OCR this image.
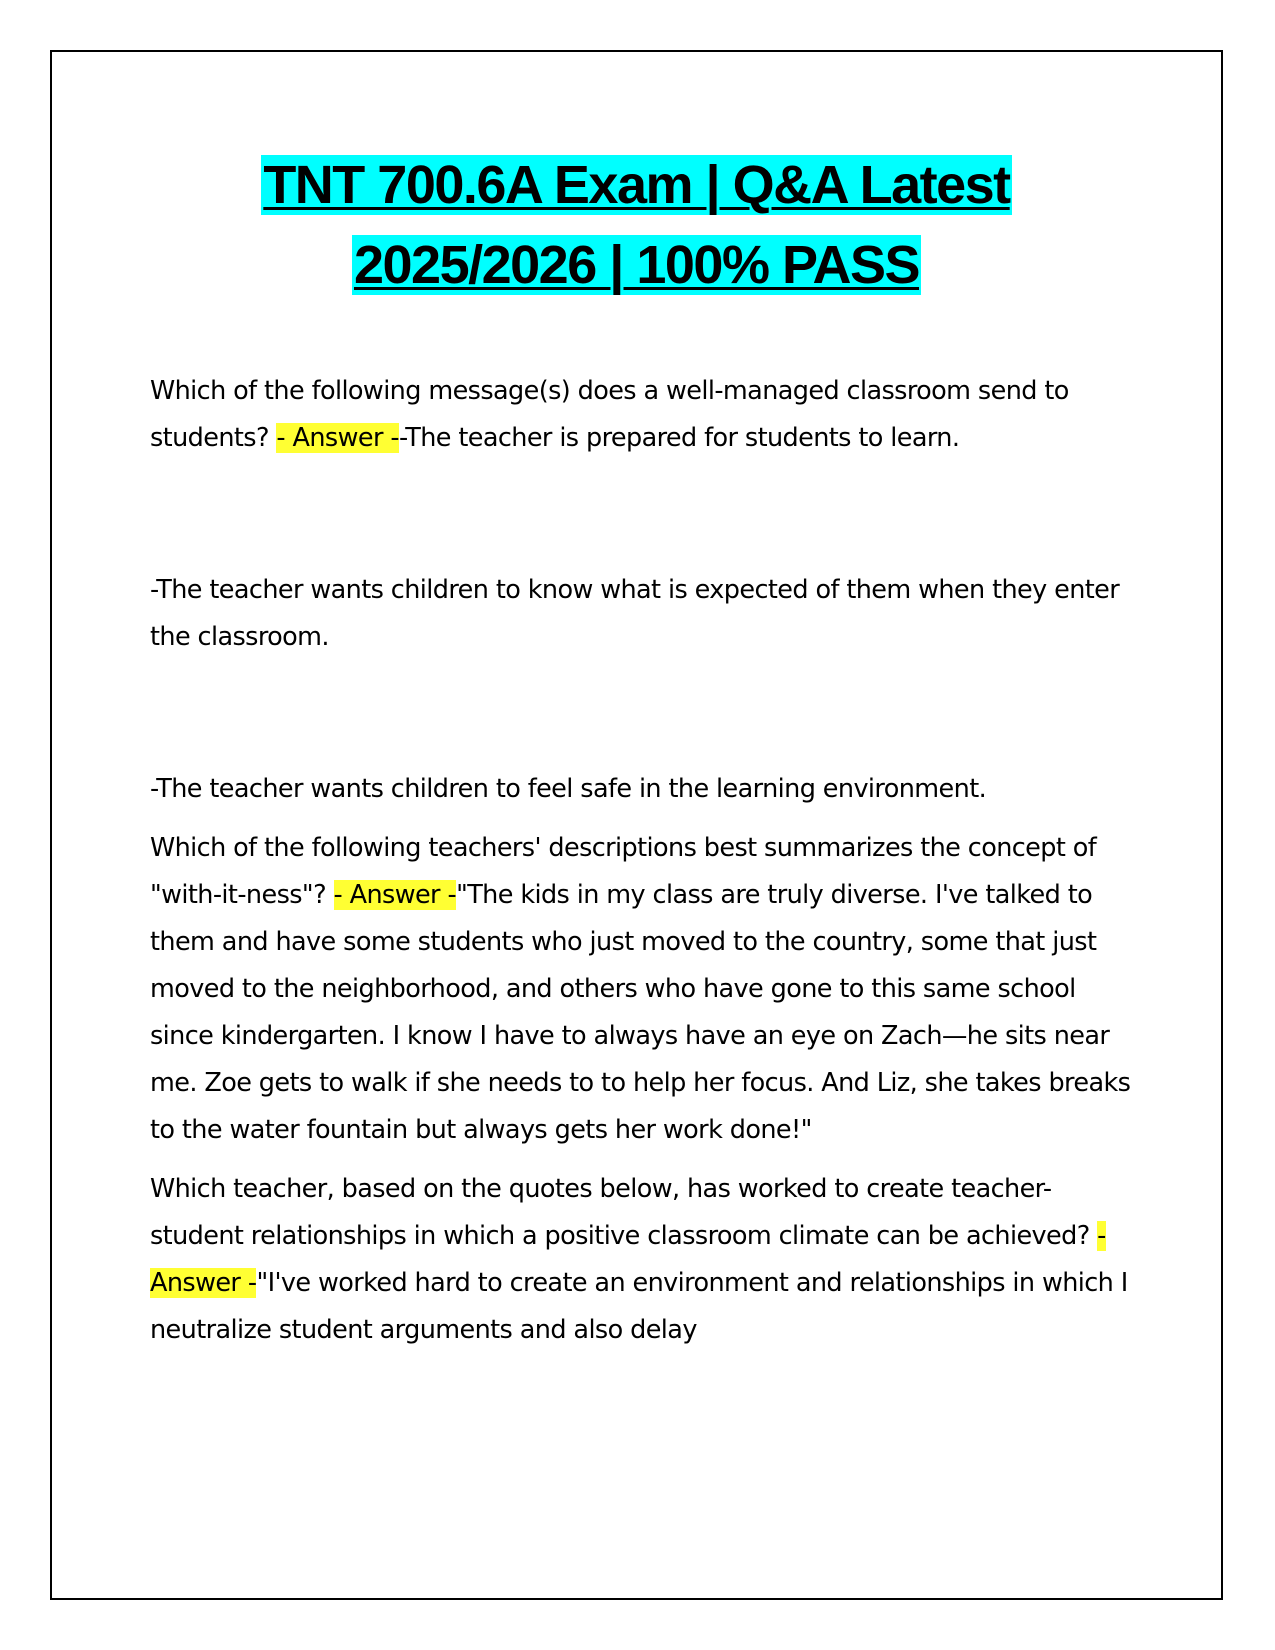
TNT 700.6A Exam | Q&A Latest
2025/2026 | 100% PASS

Which of the following message(s) does a well-managed classroom send to students? - Answer --The teacher is prepared for students to learn.

-The teacher wants children to know what is expected of them when they enter the classroom.

-The teacher wants children to feel safe in the learning environment.

Which of the following teachers' descriptions best summarizes the concept of "with-it-ness"? - Answer -"The kids in my class are truly diverse. I've talked to them and have some students who just moved to the country, some that just moved to the neighborhood, and others who have gone to this same school since kindergarten. I know I have to always have an eye on Zach—he sits near me. Zoe gets to walk if she needs to to help her focus. And Liz, she takes breaks to the water fountain but always gets her work done!"

Which teacher, based on the quotes below, has worked to create teacher-student relationships in which a positive classroom climate can be achieved? - Answer -"I've worked hard to create an environment and relationships in which I neutralize student arguments and also delay
